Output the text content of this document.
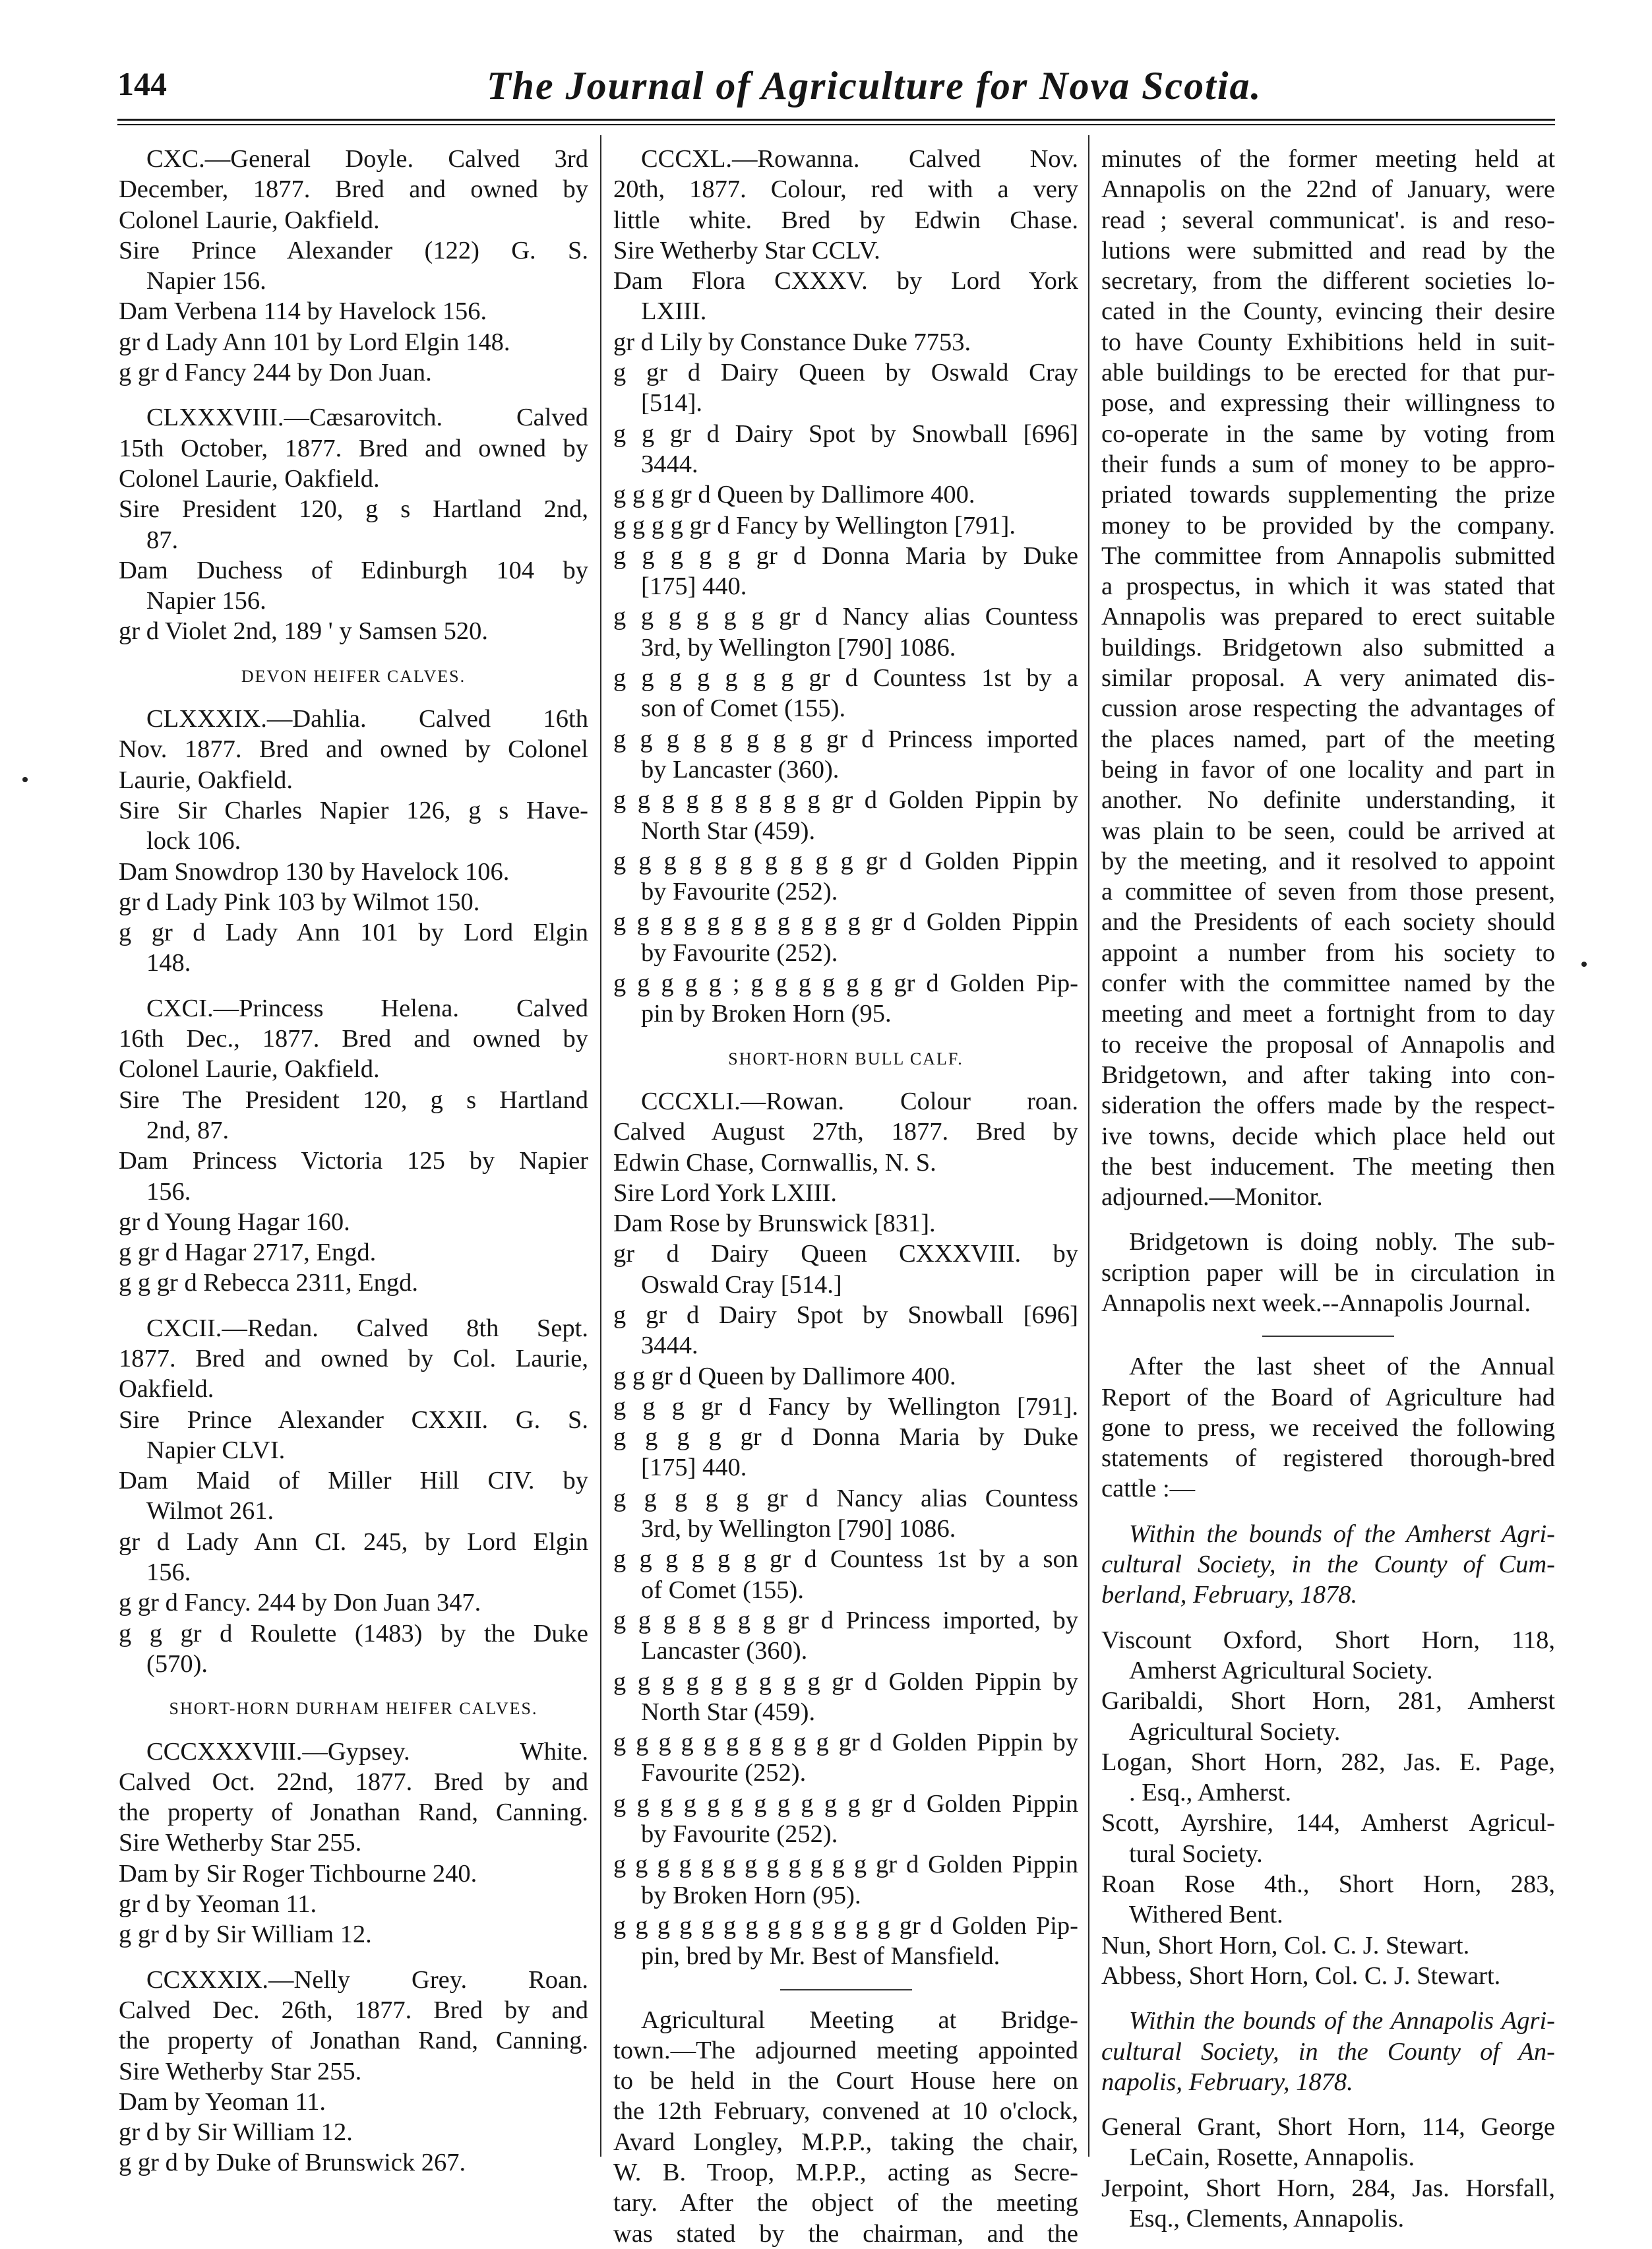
144	The Journal of Agriculture for Nova Scotia.
CXC.—General Doyle. Calved 3rd
December, 1877. Bred and owned by
Colonel Laurie, Oakfield.
Sire Prince Alexander (122) G. S.
Napier 156.
Dam Verbena 114 by Havelock 156.
gr d Lady Ann 101 by Lord Elgin 148.
g gr d Fancy 244 by Don Juan.
CLXXXVIII.—Cæsarovitch. Calved
15th October, 1877. Bred and owned by
Colonel Laurie, Oakfield.
Sire President 120, g s Hartland 2nd,
87.
Dam Duchess of Edinburgh 104 by
Napier 156.
gr d Violet 2nd, 189 ' y Samsen 520.
DEVON HEIFER CALVES.
CLXXXIX.—Dahlia. Calved 16th
Nov. 1877. Bred and owned by Colonel
Laurie, Oakfield.
Sire Sir Charles Napier 126, g s Have-
lock 106.
Dam Snowdrop 130 by Havelock 106.
gr d Lady Pink 103 by Wilmot 150.
g gr d Lady Ann 101 by Lord Elgin
148.
CXCI.—Princess Helena. Calved
16th Dec., 1877. Bred and owned by
Colonel Laurie, Oakfield.
Sire The President 120, g s Hartland
2nd, 87.
Dam Princess Victoria 125 by Napier
156.
gr d Young Hagar 160.
g gr d Hagar 2717, Engd.
g g gr d Rebecca 2311, Engd.
CXCII.—Redan. Calved 8th Sept.
1877. Bred and owned by Col. Laurie,
Oakfield.
Sire Prince Alexander CXXII. G. S.
Napier CLVI.
Dam Maid of Miller Hill CIV. by
Wilmot 261.
gr d Lady Ann CI. 245, by Lord Elgin
156.
g gr d Fancy. 244 by Don Juan 347.
g g gr d Roulette (1483) by the Duke
(570).
SHORT-HORN DURHAM HEIFER CALVES.
CCCXXXVIII.—Gypsey. White.
Calved Oct. 22nd, 1877. Bred by and
the property of Jonathan Rand, Canning.
Sire Wetherby Star 255.
Dam by Sir Roger Tichbourne 240.
gr d by Yeoman 11.
g gr d by Sir William 12.
CCXXXIX.—Nelly Grey. Roan.
Calved Dec. 26th, 1877. Bred by and
the property of Jonathan Rand, Canning.
Sire Wetherby Star 255.
Dam by Yeoman 11.
gr d by Sir William 12.
g gr d by Duke of Brunswick 267.
CCCXL.—Rowanna. Calved Nov.
20th, 1877. Colour, red with a very
little white. Bred by Edwin Chase.
Sire Wetherby Star CCLV.
Dam Flora CXXXV. by Lord York
LXIII.
gr d Lily by Constance Duke 7753.
g gr d Dairy Queen by Oswald Cray
[514].
g g gr d Dairy Spot by Snowball [696]
3444.
g g g gr d Queen by Dallimore 400.
g g g g gr d Fancy by Wellington [791].
g g g g g gr d Donna Maria by Duke
[175] 440.
g g g g g g gr d Nancy alias Countess
3rd, by Wellington [790] 1086.
g g g g g g g gr d Countess 1st by a
son of Comet (155).
g g g g g g g g gr d Princess imported
by Lancaster (360).
g g g g g g g g g gr d Golden Pippin by
North Star (459).
g g g g g g g g g g gr d Golden Pippin
by Favourite (252).
g g g g g g g g g g g gr d Golden Pippin
by Favourite (252).
g g g g g ; g g g g g g gr d Golden Pip-
pin by Broken Horn (95.
SHORT-HORN BULL CALF.
CCCXLI.—Rowan. Colour roan.
Calved August 27th, 1877. Bred by
Edwin Chase, Cornwallis, N. S.
Sire Lord York LXIII.
Dam Rose by Brunswick [831].
gr d Dairy Queen CXXXVIII. by
Oswald Cray [514.]
g gr d Dairy Spot by Snowball [696]
3444.
g g gr d Queen by Dallimore 400.
g g g gr d Fancy by Wellington [791].
g g g g gr d Donna Maria by Duke
[175] 440.
g g g g g gr d Nancy alias Countess
3rd, by Wellington [790] 1086.
g g g g g g gr d Countess 1st by a son
of Comet (155).
g g g g g g g gr d Princess imported, by
Lancaster (360).
g g g g g g g g g gr d Golden Pippin by
North Star (459).
g g g g g g g g g g gr d Golden Pippin by
Favourite (252).
g g g g g g g g g g g gr d Golden Pippin
by Favourite (252).
g g g g g g g g g g g g gr d Golden Pippin
by Broken Horn (95).
g g g g g g g g g g g g g gr d Golden Pip-
pin, bred by Mr. Best of Mansfield.
Agricultural Meeting at Bridge-
town.—The adjourned meeting appointed
to be held in the Court House here on
the 12th February, convened at 10 o'clock,
Avard Longley, M.P.P., taking the chair,
W. B. Troop, M.P.P., acting as Secre-
tary. After the object of the meeting
was stated by the chairman, and the
minutes of the former meeting held at
Annapolis on the 22nd of January, were
read ; several communicat'. is and reso-
lutions were submitted and read by the
secretary, from the different societies lo-
cated in the County, evincing their desire
to have County Exhibitions held in suit-
able buildings to be erected for that pur-
pose, and expressing their willingness to
co-operate in the same by voting from
their funds a sum of money to be appro-
priated towards supplementing the prize
money to be provided by the company.
The committee from Annapolis submitted
a prospectus, in which it was stated that
Annapolis was prepared to erect suitable
buildings. Bridgetown also submitted a
similar proposal. A very animated dis-
cussion arose respecting the advantages of
the places named, part of the meeting
being in favor of one locality and part in
another. No definite understanding, it
was plain to be seen, could be arrived at
by the meeting, and it resolved to appoint
a committee of seven from those present,
and the Presidents of each society should
appoint a number from his society to
confer with the committee named by the
meeting and meet a fortnight from to day
to receive the proposal of Annapolis and
Bridgetown, and after taking into con-
sideration the offers made by the respect-
ive towns, decide which place held out
the best inducement. The meeting then
adjourned.—Monitor.
Bridgetown is doing nobly. The sub-
scription paper will be in circulation in
Annapolis next week.--Annapolis Journal.
After the last sheet of the Annual
Report of the Board of Agriculture had
gone to press, we received the following
statements of registered thorough-bred
cattle :—
Within the bounds of the Amherst Agri-
cultural Society, in the County of Cum-
berland, February, 1878.
Viscount Oxford, Short Horn, 118,
Amherst Agricultural Society.
Garibaldi, Short Horn, 281, Amherst
Agricultural Society.
Logan, Short Horn, 282, Jas. E. Page,
. Esq., Amherst.
Scott, Ayrshire, 144, Amherst Agricul-
tural Society.
Roan Rose 4th., Short Horn, 283,
Withered Bent.
Nun, Short Horn, Col. C. J. Stewart.
Abbess, Short Horn, Col. C. J. Stewart.
Within the bounds of the Annapolis Agri-
cultural Society, in the County of An-
napolis, February, 1878.
General Grant, Short Horn, 114, George
LeCain, Rosette, Annapolis.
Jerpoint, Short Horn, 284, Jas. Horsfall,
Esq., Clements, Annapolis.
